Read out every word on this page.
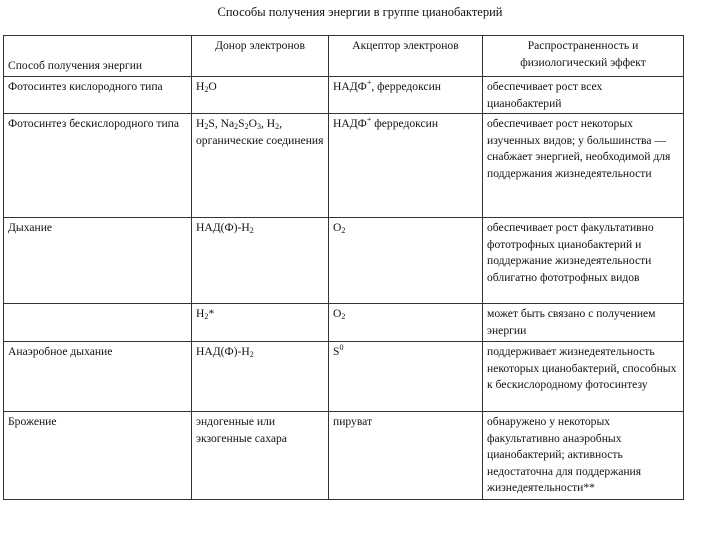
Способы получения энергии в группе цианобактерий
Способ получения энергии	Донор электронов	Акцептор электронов	Распространенность и физиологический эффект
Фотосинтез кислородного типа	$H_2O$	НАДФ+, ферредоксин	обеспечивает рост всех цианобактерий
Фотосинтез бескислородного типа	$H_2S$, $Na_2S_2O_3$, $H_2$, органические соединения	НАДФ+ ферредоксин	обеспечивает рост некоторых изученных видов; у большинства — снабжает энергией, необходимой для поддержания жизнедеятельности
Дыхание	$НАД(Ф)-H_2$	$O_2$	обеспечивает рост факультативно фототрофных цианобактерий и поддержание жизнедеятельности облигатно фототрофных видов
	$H_2*$	$O_2$	может быть связано с получением энергии
Анаэробное дыхание	$НАД(Ф)-H_2$	$S^0$	поддерживает жизнедеятельность некоторых цианобактерий, способных к бескислородному фотосинтезу
Брожение	эндогенные или экзогенные сахара	пируват	обнаружено у некоторых факультативно анаэробных цианобактерий; активность недостаточна для поддержания жизнедеятельности**
